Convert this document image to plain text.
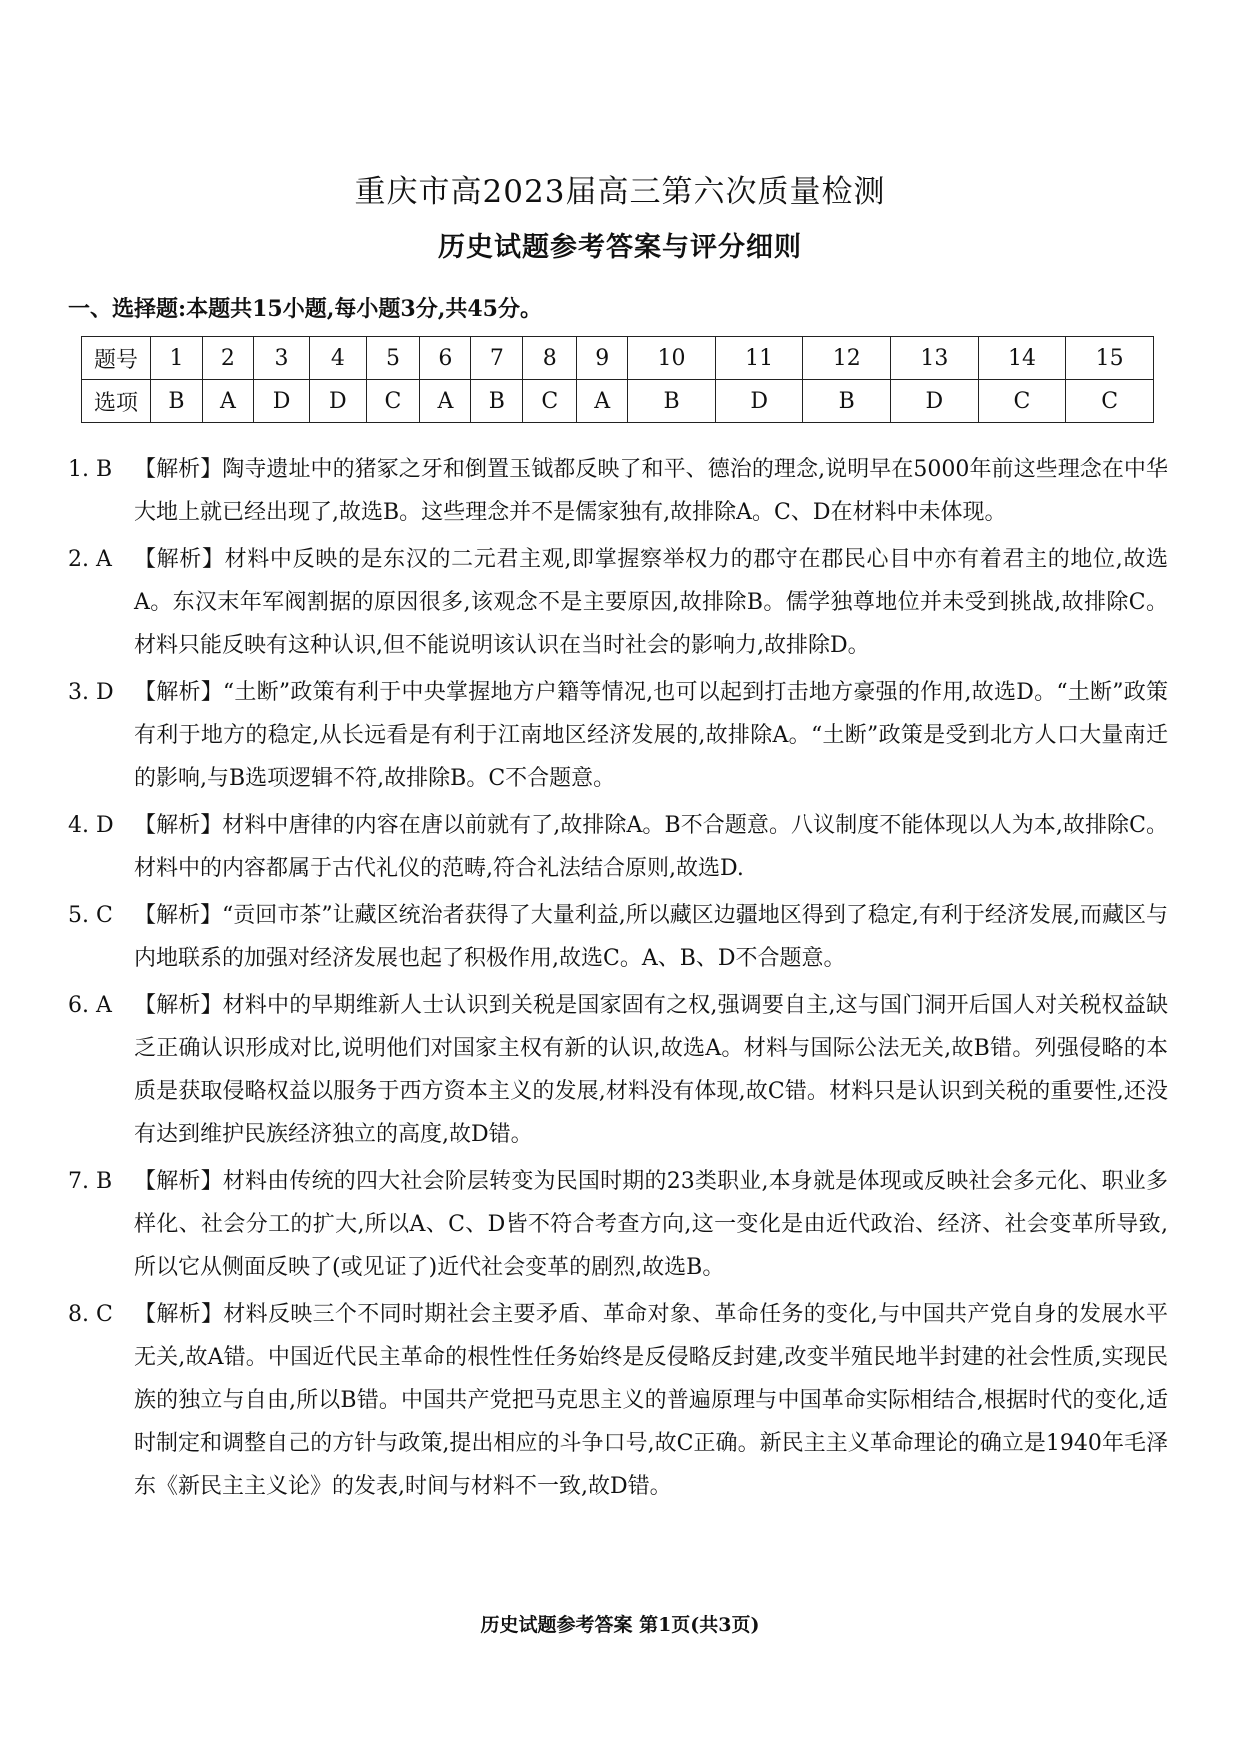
重庆市高2023届高三第六次质量检测
历史试题参考答案与评分细则
一、选择题:本题共15小题,每小题3分,共45分。
题号	1	2	3	4	5	6	7	8	9	10	11	12	13	14	15
选项	B	A	D	D	C	A	B	C	A	B	D	B	D	C	C
1. B 【解析】陶寺遗址中的猪冢之牙和倒置玉钺都反映了和平、德治的理念,说明早在5000年前这些理念在中华大地上就已经出现了,故选B。这些理念并不是儒家独有,故排除A。C、D在材料中未体现。
2. A 【解析】材料中反映的是东汉的二元君主观,即掌握察举权力的郡守在郡民心目中亦有着君主的地位,故选A。东汉末年军阀割据的原因很多,该观念不是主要原因,故排除B。儒学独尊地位并未受到挑战,故排除C。材料只能反映有这种认识,但不能说明该认识在当时社会的影响力,故排除D。
3. D 【解析】“土断”政策有利于中央掌握地方户籍等情况,也可以起到打击地方豪强的作用,故选D。“土断”政策有利于地方的稳定,从长远看是有利于江南地区经济发展的,故排除A。“土断”政策是受到北方人口大量南迁的影响,与B选项逻辑不符,故排除B。C不合题意。
4. D 【解析】材料中唐律的内容在唐以前就有了,故排除A。B不合题意。八议制度不能体现以人为本,故排除C。材料中的内容都属于古代礼仪的范畴,符合礼法结合原则,故选D.
5. C 【解析】“贡回市茶”让藏区统治者获得了大量利益,所以藏区边疆地区得到了稳定,有利于经济发展,而藏区与内地联系的加强对经济发展也起了积极作用,故选C。A、B、D不合题意。
6. A 【解析】材料中的早期维新人士认识到关税是国家固有之权,强调要自主,这与国门洞开后国人对关税权益缺乏正确认识形成对比,说明他们对国家主权有新的认识,故选A。材料与国际公法无关,故B错。列强侵略的本质是获取侵略权益以服务于西方资本主义的发展,材料没有体现,故C错。材料只是认识到关税的重要性,还没有达到维护民族经济独立的高度,故D错。
7. B 【解析】材料由传统的四大社会阶层转变为民国时期的23类职业,本身就是体现或反映社会多元化、职业多样化、社会分工的扩大,所以A、C、D皆不符合考查方向,这一变化是由近代政治、经济、社会变革所导致,所以它从侧面反映了(或见证了)近代社会变革的剧烈,故选B。
8. C 【解析】材料反映三个不同时期社会主要矛盾、革命对象、革命任务的变化,与中国共产党自身的发展水平无关,故A错。中国近代民主革命的根性性任务始终是反侵略反封建,改变半殖民地半封建的社会性质,实现民族的独立与自由,所以B错。中国共产党把马克思主义的普遍原理与中国革命实际相结合,根据时代的变化,适时制定和调整自己的方针与政策,提出相应的斗争口号,故C正确。新民主主义革命理论的确立是1940年毛泽东《新民主主义论》的发表,时间与材料不一致,故D错。
历史试题参考答案 第1页(共3页)
